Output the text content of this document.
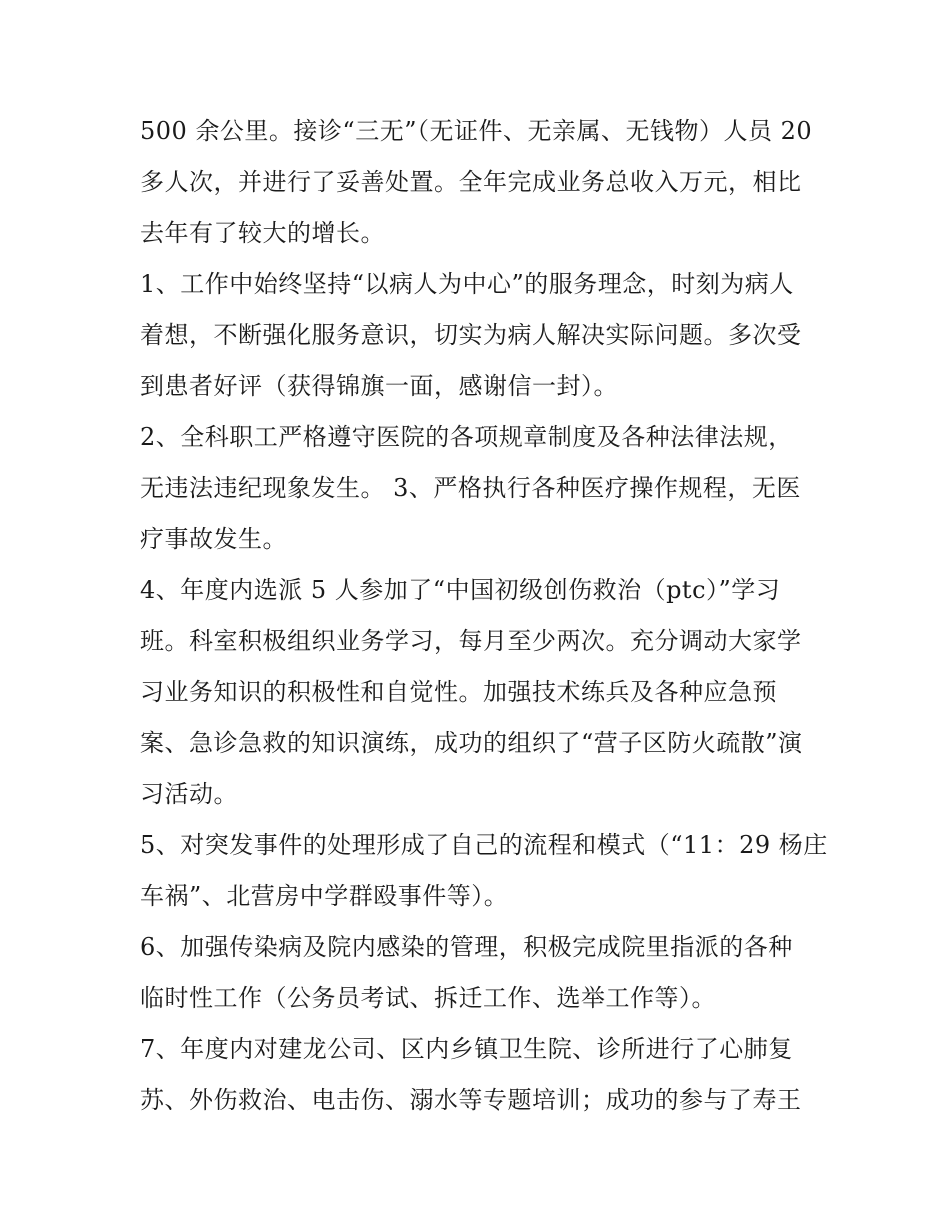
500 余公里。接诊“三无”（无证件、无亲属、无钱物）人员 20
多人次，并进行了妥善处置。全年完成业务总收入万元，相比
去年有了较大的增长。
1、工作中始终坚持“以病人为中心”的服务理念，时刻为病人
着想，不断强化服务意识，切实为病人解决实际问题。多次受
到患者好评（获得锦旗一面，感谢信一封）。
2、全科职工严格遵守医院的各项规章制度及各种法律法规，
无违法违纪现象发生。 3、严格执行各种医疗操作规程，无医
疗事故发生。
4、年度内选派 5 人参加了“中国初级创伤救治（ptc）”学习
班。科室积极组织业务学习，每月至少两次。充分调动大家学
习业务知识的积极性和自觉性。加强技术练兵及各种应急预
案、急诊急救的知识演练，成功的组织了“营子区防火疏散”演
习活动。
5、对突发事件的处理形成了自己的流程和模式（“11：29 杨庄
车祸”、北营房中学群殴事件等）。
6、加强传染病及院内感染的管理，积极完成院里指派的各种
临时性工作（公务员考试、拆迁工作、选举工作等）。
7、年度内对建龙公司、区内乡镇卫生院、诊所进行了心肺复
苏、外伤救治、电击伤、溺水等专题培训；成功的参与了寿王
